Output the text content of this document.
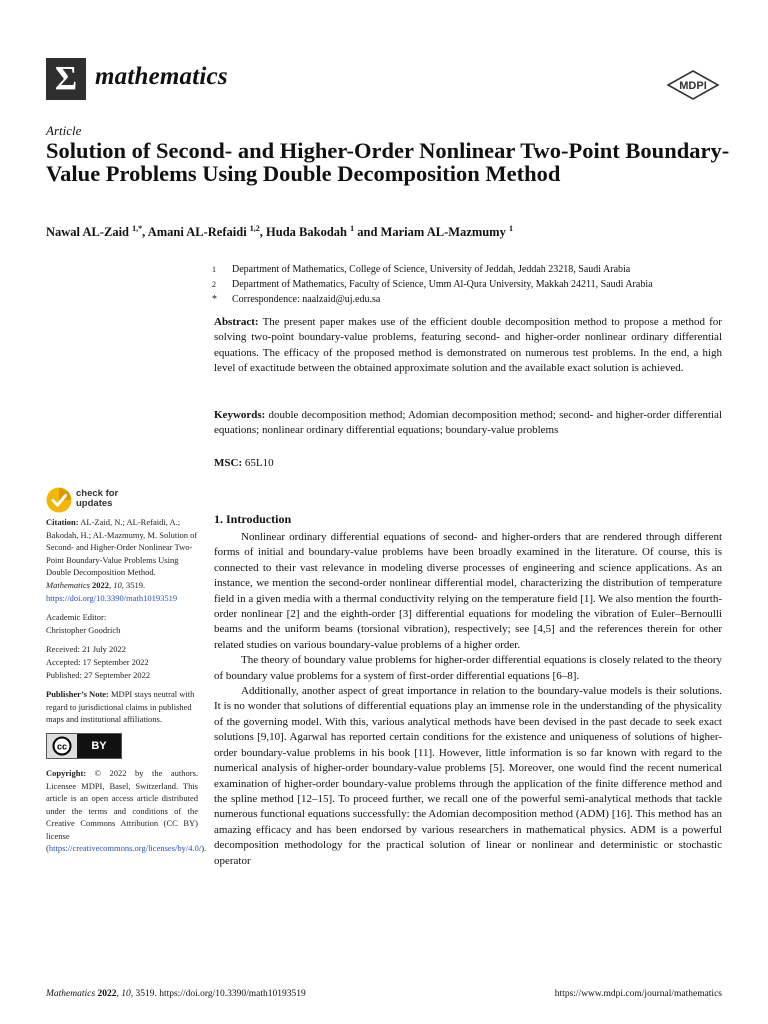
Σ mathematics	MDPI
Article
Solution of Second- and Higher-Order Nonlinear Two-Point Boundary-Value Problems Using Double Decomposition Method
Nawal AL-Zaid $^{1,*}$, Amani AL-Refaidi $^{1,2}$, Huda Bakodah $^1$ and Mariam AL-Mazmumy $^1$
1	Department of Mathematics, College of Science, University of Jeddah, Jeddah 23218, Saudi Arabia
2	Department of Mathematics, Faculty of Science, Umm Al-Qura University, Makkah 24211, Saudi Arabia
*	Correspondence: naalzaid@uj.edu.sa
Abstract: The present paper makes use of the efficient double decomposition method to propose a method for solving two-point boundary-value problems, featuring second- and higher-order nonlinear ordinary differential equations. The efficacy of the proposed method is demonstrated on numerous test problems. In the end, a high level of exactitude between the obtained approximate solution and the available exact solution is achieved.
Keywords: double decomposition method; Adomian decomposition method; second- and higher-order differential equations; nonlinear ordinary differential equations; boundary-value problems
MSC: 65L10
check for
updates

Citation: AL-Zaid, N.; AL-Refaidi, A.; Bakodah, H.; AL-Mazmumy, M. Solution of Second- and Higher-Order Nonlinear Two-Point Boundary-Value Problems Using Double Decomposition Method. Mathematics 2022, 10, 3519. https://doi.org/10.3390/math10193519

Academic Editor:
Christopher Goodrich

Received: 21 July 2022
Accepted: 17 September 2022
Published: 27 September 2022

Publisher’s Note: MDPI stays neutral with regard to jurisdictional claims in published maps and institutional affiliations.

cc	BY

Copyright: © 2022 by the authors. Licensee MDPI, Basel, Switzerland. This article is an open access article distributed under the terms and conditions of the Creative Commons Attribution (CC BY) license (https://creativecommons.org/licenses/by/4.0/).

1. Introduction

Nonlinear ordinary differential equations of second- and higher-orders that are rendered through different forms of initial and boundary-value problems have been broadly examined in the literature. Of course, this is connected to their vast relevance in modeling diverse processes of engineering and science applications. As an instance, we mention the second-order nonlinear differential model, characterizing the distribution of temperature field in a given media with a thermal conductivity relying on the temperature field [1]. We also mention the fourth-order nonlinear [2] and the eighth-order [3] differential equations for modeling the vibration of Euler–Bernoulli beams and the uniform beams (torsional vibration), respectively; see [4,5] and the references therein for other related studies on various boundary-value problems of a higher order.

The theory of boundary value problems for higher-order differential equations is closely related to the theory of boundary value problems for a system of first-order differential equations [6–8].

Additionally, another aspect of great importance in relation to the boundary-value models is their solutions. It is no wonder that solutions of differential equations play an immense role in the understanding of the physicality of the governing model. With this, various analytical methods have been devised in the past decade to seek exact solutions [9,10]. Agarwal has reported certain conditions for the existence and uniqueness of solutions of higher-order boundary-value problems in his book [11]. However, little information is so far known with regard to the numerical analysis of higher-order boundary-value problems [5]. Moreover, one would find the recent numerical examination of higher-order boundary-value problems through the application of the finite difference method and the spline method [12–15]. To proceed further, we recall one of the powerful semi-analytical methods that tackle numerous functional equations successfully: the Adomian decomposition method (ADM) [16]. This method has an amazing efficacy and has been endorsed by various researchers in mathematical physics. ADM is a powerful decomposition methodology for the practical solution of linear or nonlinear and deterministic or stochastic operator

Mathematics 2022, 10, 3519. https://doi.org/10.3390/math10193519	https://www.mdpi.com/journal/mathematics
